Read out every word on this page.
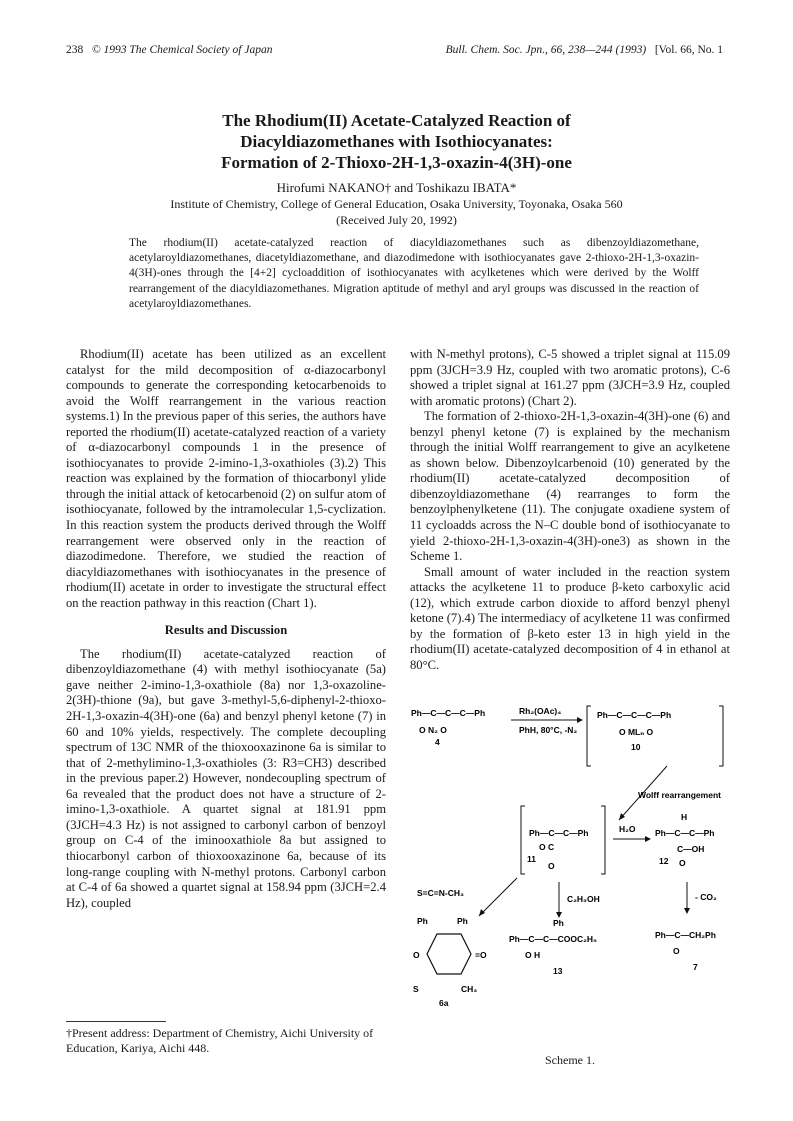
238 © 1993 The Chemical Society of Japan	Bull. Chem. Soc. Jpn., 66, 238—244 (1993) [Vol. 66, No. 1
The Rhodium(II) Acetate-Catalyzed Reaction of
Diacyldiazomethanes with Isothiocyanates:
Formation of 2-Thioxo-2H-1,3-oxazin-4(3H)-one
Hirofumi NAKANO† and Toshikazu IBATA*
Institute of Chemistry, College of General Education, Osaka University, Toyonaka, Osaka 560
(Received July 20, 1992)
The rhodium(II) acetate-catalyzed reaction of diacyldiazomethanes such as dibenzoyldiazomethane, acetylaroyldiazomethanes, diacetyldiazomethane, and diazodimedone with isothiocyanates gave 2-thioxo-2H-1,3-oxazin-4(3H)-ones through the [4+2] cycloaddition of isothiocyanates with acylketenes which were derived by the Wolff rearrangement of the diacyldiazomethanes. Migration aptitude of methyl and aryl groups was discussed in the reaction of acetylaroyldiazomethanes.

Rhodium(II) acetate has been utilized as an excellent catalyst for the mild decomposition of α-diazocarbonyl compounds to generate the corresponding ketocarbenoids to avoid the Wolff rearrangement in the various reaction systems.1) In the previous paper of this series, the authors have reported the rhodium(II) acetate-catalyzed reaction of a variety of α-diazocarbonyl compounds 1 in the presence of isothiocyanates to provide 2-imino-1,3-oxathioles (3).2) This reaction was explained by the formation of thiocarbonyl ylide through the initial attack of ketocarbenoid (2) on sulfur atom of isothiocyanate, followed by the intramolecular 1,5-cyclization. In this reaction system the products derived through the Wolff rearrangement were observed only in the reaction of diazodimedone. Therefore, we studied the reaction of diacyldiazomethanes with isothiocyanates in the presence of rhodium(II) acetate in order to investigate the structural effect on the reaction pathway in this reaction (Chart 1).

Results and Discussion

The rhodium(II) acetate-catalyzed reaction of dibenzoyldiazomethane (4) with methyl isothiocyanate (5a) gave neither 2-imino-1,3-oxathiole (8a) nor 1,3-oxazoline-2(3H)-thione (9a), but gave 3-methyl-5,6-diphenyl-2-thioxo-2H-1,3-oxazin-4(3H)-one (6a) and benzyl phenyl ketone (7) in 60 and 10% yields, respectively. The complete decoupling spectrum of 13C NMR of the thioxooxazinone 6a is similar to that of 2-methylimino-1,3-oxathioles (3: R3=CH3) described in the previous paper.2) However, nondecoupling spectrum of 6a revealed that the product does not have a structure of 2-imino-1,3-oxathiole. A quartet signal at 181.91 ppm (3JCH=4.3 Hz) is not assigned to carbonyl carbon of benzoyl group on C-4 of the iminooxathiole 8a but assigned to thiocarbonyl carbon of thioxooxazinone 6a, because of its long-range coupling with N-methyl protons. Carbonyl carbon at C-4 of 6a showed a quartet signal at 158.94 ppm (3JCH=2.4 Hz), coupled

with N-methyl protons), C-5 showed a triplet signal at 115.09 ppm (3JCH=3.9 Hz, coupled with two aromatic protons), C-6 showed a triplet signal at 161.27 ppm (3JCH=3.9 Hz, coupled with aromatic protons) (Chart 2).

The formation of 2-thioxo-2H-1,3-oxazin-4(3H)-one (6) and benzyl phenyl ketone (7) is explained by the mechanism through the initial Wolff rearrangement to give an acylketene as shown below. Dibenzoylcarbenoid (10) generated by the rhodium(II) acetate-catalyzed decomposition of dibenzoyldiazomethane (4) rearranges to form the benzoylphenylketene (11). The conjugate oxadiene system of 11 cycloadds across the N–C double bond of isothiocyanate to yield 2-thioxo-2H-1,3-oxazin-4(3H)-one3) as shown in the Scheme 1.

Small amount of water included in the reaction system attacks the acylketene 11 to produce β-keto carboxylic acid (12), which extrude carbon dioxide to afford benzyl phenyl ketone (7).4) The intermediacy of acylketene 11 was confirmed by the formation of β-keto ester 13 in high yield in the rhodium(II) acetate-catalyzed decomposition of 4 in ethanol at 80°C.

Ph—C—C—C—Ph
O N₂ O
4
Rh₂(OAc)₄
PhH, 80°C, -N₂
Ph—C—C—C—Ph
O MLₙ O
10
Wolff rearrangement
Ph—C—C—Ph
O C
O
11
H₂O
H
Ph—C—C—Ph
C—OH
O
12
S=C=N-CH₃
Ph	Ph
=O
O
S	CH₃
6a
C₂H₅OH
Ph
Ph—C—C—COOC₂H₅
O H
13
- CO₂
Ph—C—CH₂Ph
O
7
Scheme 1.
†Present address: Department of Chemistry, Aichi University of Education, Kariya, Aichi 448.
